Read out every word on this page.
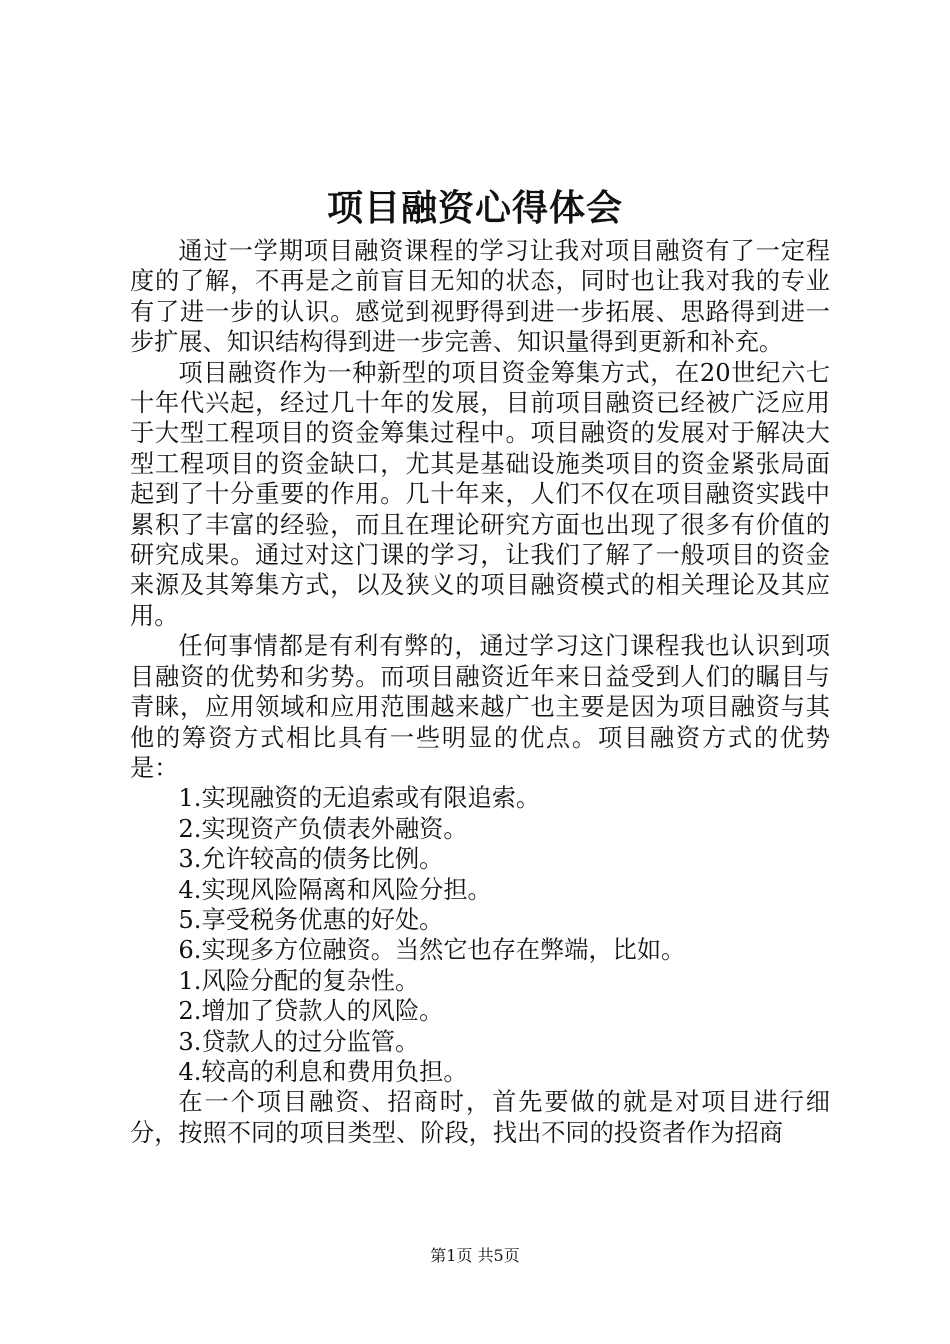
项目融资心得体会

通过一学期项目融资课程的学习让我对项目融资有了一定程度的了解，不再是之前盲目无知的状态，同时也让我对我的专业有了进一步的认识。感觉到视野得到进一步拓展、思路得到进一步扩展、知识结构得到进一步完善、知识量得到更新和补充。

项目融资作为一种新型的项目资金筹集方式，在20世纪六七十年代兴起，经过几十年的发展，目前项目融资已经被广泛应用于大型工程项目的资金筹集过程中。项目融资的发展对于解决大型工程项目的资金缺口，尤其是基础设施类项目的资金紧张局面起到了十分重要的作用。几十年来，人们不仅在项目融资实践中累积了丰富的经验，而且在理论研究方面也出现了很多有价值的研究成果。通过对这门课的学习，让我们了解了一般项目的资金来源及其筹集方式，以及狭义的项目融资模式的相关理论及其应用。

任何事情都是有利有弊的，通过学习这门课程我也认识到项目融资的优势和劣势。而项目融资近年来日益受到人们的瞩目与青睐，应用领域和应用范围越来越广也主要是因为项目融资与其他的筹资方式相比具有一些明显的优点。项目融资方式的优势是：

1.实现融资的无追索或有限追索。
2.实现资产负债表外融资。
3.允许较高的债务比例。
4.实现风险隔离和风险分担。
5.享受税务优惠的好处。
6.实现多方位融资。当然它也存在弊端，比如。
1.风险分配的复杂性。
2.增加了贷款人的风险。
3.贷款人的过分监管。
4.较高的利息和费用负担。

在一个项目融资、招商时，首先要做的就是对项目进行细分，按照不同的项目类型、阶段，找出不同的投资者作为招商

第1页 共5页
